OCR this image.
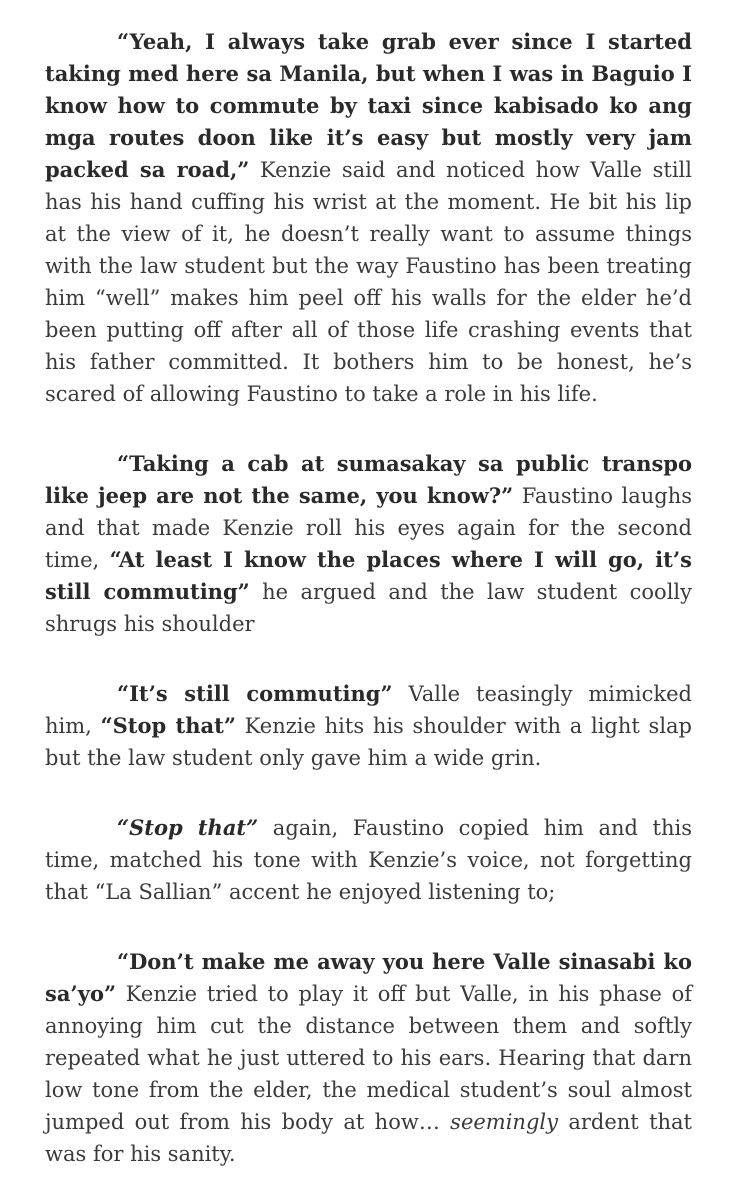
“Yeah, I always take grab ever since I started taking med here sa Manila, but when I was in Baguio I know how to commute by taxi since kabisado ko ang mga routes doon like it’s easy but mostly very jam packed sa road,” Kenzie said and noticed how Valle still has his hand cuffing his wrist at the moment. He bit his lip at the view of it, he doesn’t really want to assume things with the law student but the way Faustino has been treating him “well” makes him peel off his walls for the elder he’d been putting off after all of those life crashing events that his father committed. It bothers him to be honest, he’s scared of allowing Faustino to take a role in his life.

“Taking a cab at sumasakay sa public transpo like jeep are not the same, you know?” Faustino laughs and that made Kenzie roll his eyes again for the second time, “At least I know the places where I will go, it’s still commuting” he argued and the law student coolly shrugs his shoulder

“It’s still commuting” Valle teasingly mimicked him, “Stop that” Kenzie hits his shoulder with a light slap but the law student only gave him a wide grin.

“Stop that” again, Faustino copied him and this time, matched his tone with Kenzie’s voice, not forgetting that “La Sallian” accent he enjoyed listening to;

“Don’t make me away you here Valle sinasabi ko sa’yo” Kenzie tried to play it off but Valle, in his phase of annoying him cut the distance between them and softly repeated what he just uttered to his ears. Hearing that darn low tone from the elder, the medical student’s soul almost jumped out from his body at how… seemingly ardent that was for his sanity.
